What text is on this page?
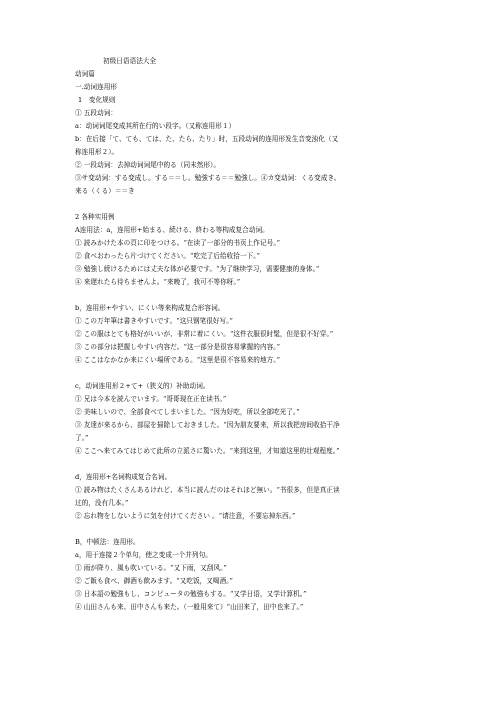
初级日语语法大全
动词篇
一.动词连用形
1　变化规则
① 五段动词：
a：动词词尾变成其所在行的い段字。（又称连用形１）
b：在后接「て、ても、ては、た、たら、たり」时，五段动词的连用形发生音变浊化（又
称连用形２）。
② 一段动词：去掉动词词尾中的る（同未然形）。
③サ变动词：する变成し。する＝＝し。勉強する＝＝勉強し。④カ变动词：くる变成き。
来る（くる）＝＝き
2 各种实用例
A连用法：a，连用形+始まる、続ける、終わる等构成复合动词。
① 読みかけた本の頁に印をつける。“在读了一部分的书页上作记号。”
② 食べおわったら片づけてください。“吃完了后给收拾一下。”
③ 勉強し続けるためには丈夫な体が必要です。“为了继续学习，需要健康的身体。”
④ 来遅れたら待ちませんよ。“来晚了，我可不等你呀。”
b，连用形+やすい、にくい等来构成复合形容词。
① この万年筆は書きやすいです。“这只钢笔很好写。”
② この服はとても格好がいいが、非常に着にくい。“这件衣服很时髦，但是很不好穿。”
③ この部分は把握しやすい内容だ。“这一部分是很容易掌握的内容。”
④ ここはなかなか来にくい場所である。“这里是很不容易来的地方。”
c，动词连用形２+て+（狭义的）补助动词。
① 兄は今本を読んでいます。“哥哥现在正在读书。”
② 美味しいので、全部食べてしまいました。“因为好吃，所以全部吃光了。”
③ 友達が来るから、部屋を掃除しておきました。“因为朋友要来，所以我把房间收拾干净
了。”
④ ここへ来てみてはじめて此所の立派さに驚いた。“来到这里，才知道这里的壮观程度。”
d，连用形+名词构成复合名词。
① 読み物はたくさんあるけれど、本当に読んだのはそれほど無い。“书很多，但是真正读
过的，没有几本。”
② 忘れ物をしないように気を付けてください 。“请注意，不要忘掉东西。”
B，中顿法：连用形。
a，用于连接２个单句，使之变成一个并列句。
① 雨が降り、風も吹いている。“又下雨，又刮风。”
② ご飯も食べ、御酒も飲みます。“又吃饭，又喝酒。”
③ 日本語の勉強もし、コンピュータの勉強もする。“又学日语，又学计算机。”
④ 山田さんも来、田中さんも来た。（一般用来て）“山田来了，田中也来了。”
